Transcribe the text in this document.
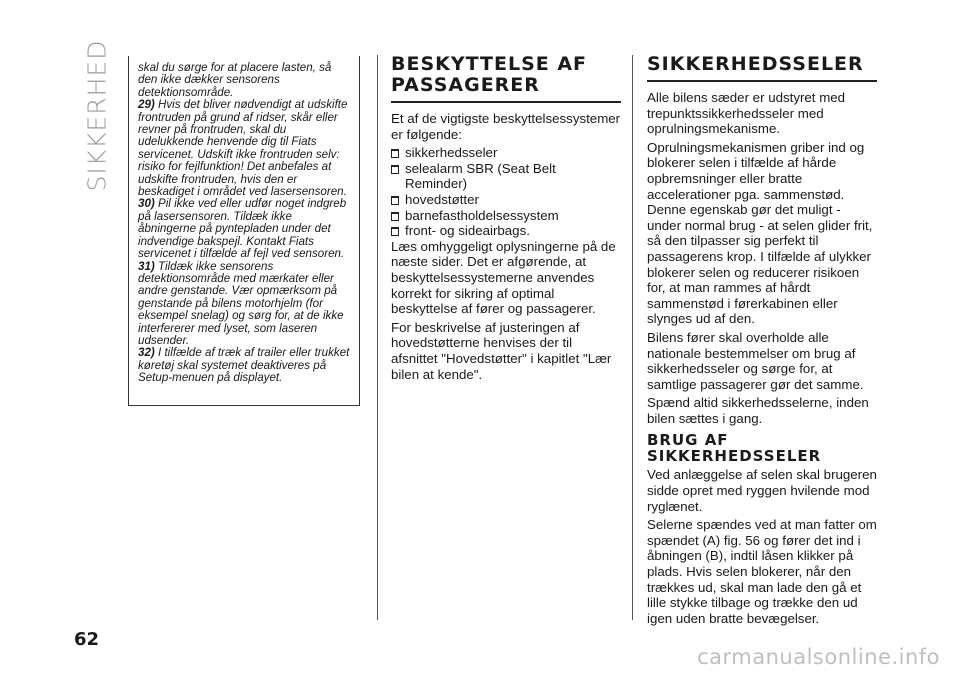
SIKKERHED skal du sørge for at placere lasten, så den ikke dækker sensorens detektionsområde.

29) Hvis det bliver nødvendigt at udskifte frontruden på grund af ridser, skår eller revner på frontruden, skal du udelukkende henvende dig til Fiats servicenet. Udskift ikke frontruden selv: risiko for fejlfunktion! Det anbefales at udskifte frontruden, hvis den er beskadiget i området ved lasersensoren.

30) Pil ikke ved eller udfør noget indgreb på lasersensoren. Tildæk ikke åbningerne på pyntepladen under det indvendige bakspejl. Kontakt Fiats servicenet i tilfælde af fejl ved sensoren.

31) Tildæk ikke sensorens detektionsområde med mærkater eller andre genstande. Vær opmærksom på genstande på bilens motorhjelm (for eksempel snelag) og sørg for, at de ikke interfererer med lyset, som laseren udsender.

32) I tilfælde af træk af trailer eller trukket køretøj skal systemet deaktiveres på Setup-menuen på displayet.

BESKYTTELSE AF PASSAGERER

Et af de vigtigste beskyttelsessystemer er følgende:

sikkerhedsseler
selealarm SBR (Seat Belt Reminder)
hovedstøtter
barnefastholdelsessystem
front- og sideairbags.

Læs omhyggeligt oplysningerne på de næste sider. Det er afgørende, at beskyttelsessystemerne anvendes korrekt for sikring af optimal beskyttelse af fører og passagerer.

For beskrivelse af justeringen af hovedstøtterne henvises der til afsnittet "Hovedstøtter" i kapitlet "Lær bilen at kende".

SIKKERHEDSSELER

Alle bilens sæder er udstyret med trepunktssikkerhedsseler med oprulningsmekanisme.

Oprulningsmekanismen griber ind og blokerer selen i tilfælde af hårde opbremsninger eller bratte accelerationer pga. sammenstød. Denne egenskab gør det muligt - under normal brug - at selen glider frit, så den tilpasser sig perfekt til passagerens krop. I tilfælde af ulykker blokerer selen og reducerer risikoen for, at man rammes af hårdt sammenstød i førerkabinen eller slynges ud af den.

Bilens fører skal overholde alle nationale bestemmelser om brug af sikkerhedsseler og sørge for, at samtlige passagerer gør det samme.

Spænd altid sikkerhedsselerne, inden bilen sættes i gang.

BRUG AF SIKKERHEDSSELER

Ved anlæggelse af selen skal brugeren sidde opret med ryggen hvilende mod ryglænet.

Selerne spændes ved at man fatter om spændet (A) fig. 56 og fører det ind i åbningen (B), indtil låsen klikker på plads. Hvis selen blokerer, når den trækkes ud, skal man lade den gå et lille stykke tilbage og trække den ud igen uden bratte bevægelser.

62
carmanualsonline.info
